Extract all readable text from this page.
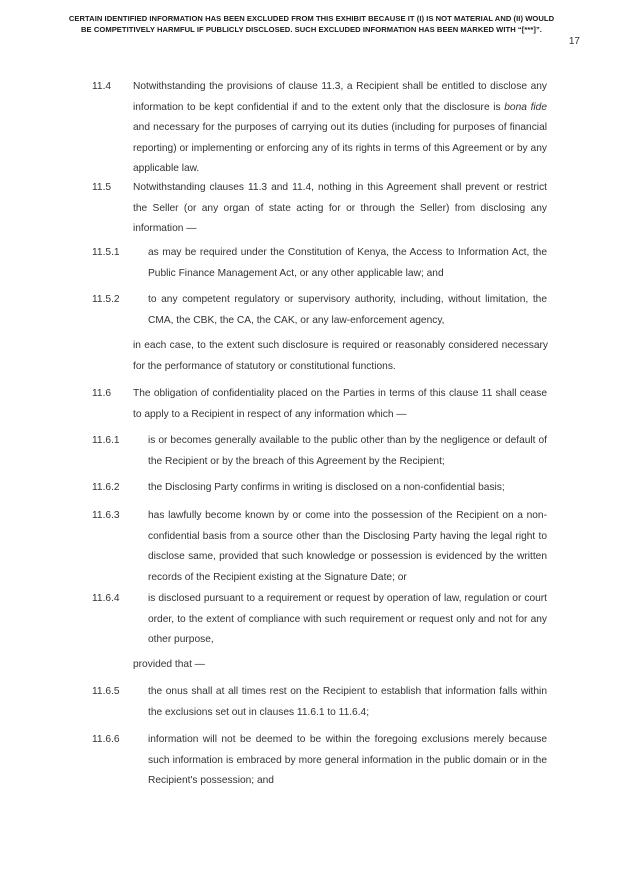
CERTAIN IDENTIFIED INFORMATION HAS BEEN EXCLUDED FROM THIS EXHIBIT BECAUSE IT (I) IS NOT MATERIAL AND (II) WOULD
BE COMPETITIVELY HARMFUL IF PUBLICLY DISCLOSED. SUCH EXCLUDED INFORMATION HAS BEEN MARKED WITH “[***]”.
17
11.4 Notwithstanding the provisions of clause 11.3, a Recipient shall be entitled to disclose any information to be kept confidential if and to the extent only that the disclosure is bona fide and necessary for the purposes of carrying out its duties (including for purposes of financial reporting) or implementing or enforcing any of its rights in terms of this Agreement or by any applicable law.
11.5 Notwithstanding clauses 11.3 and 11.4, nothing in this Agreement shall prevent or restrict the Seller (or any organ of state acting for or through the Seller) from disclosing any information —
11.5.1	as may be required under the Constitution of Kenya, the Access to Information Act, the Public Finance Management Act, or any other applicable law; and
11.5.2	to any competent regulatory or supervisory authority, including, without limitation, the CMA, the CBK, the CA, the CAK, or any law-enforcement agency,
in each case, to the extent such disclosure is required or reasonably considered necessary for the performance of statutory or constitutional functions.
11.6 The obligation of confidentiality placed on the Parties in terms of this clause 11 shall cease to apply to a Recipient in respect of any information which —
11.6.1	is or becomes generally available to the public other than by the negligence or default of the Recipient or by the breach of this Agreement by the Recipient;
11.6.2	the Disclosing Party confirms in writing is disclosed on a non-confidential basis;
11.6.3	has lawfully become known by or come into the possession of the Recipient on a non-confidential basis from a source other than the Disclosing Party having the legal right to disclose same, provided that such knowledge or possession is evidenced by the written records of the Recipient existing at the Signature Date; or
11.6.4	is disclosed pursuant to a requirement or request by operation of law, regulation or court order, to the extent of compliance with such requirement or request only and not for any other purpose,
provided that —
11.6.5	the onus shall at all times rest on the Recipient to establish that information falls within the exclusions set out in clauses 11.6.1 to 11.6.4;
11.6.6	information will not be deemed to be within the foregoing exclusions merely because such information is embraced by more general information in the public domain or in the Recipient's possession; and
